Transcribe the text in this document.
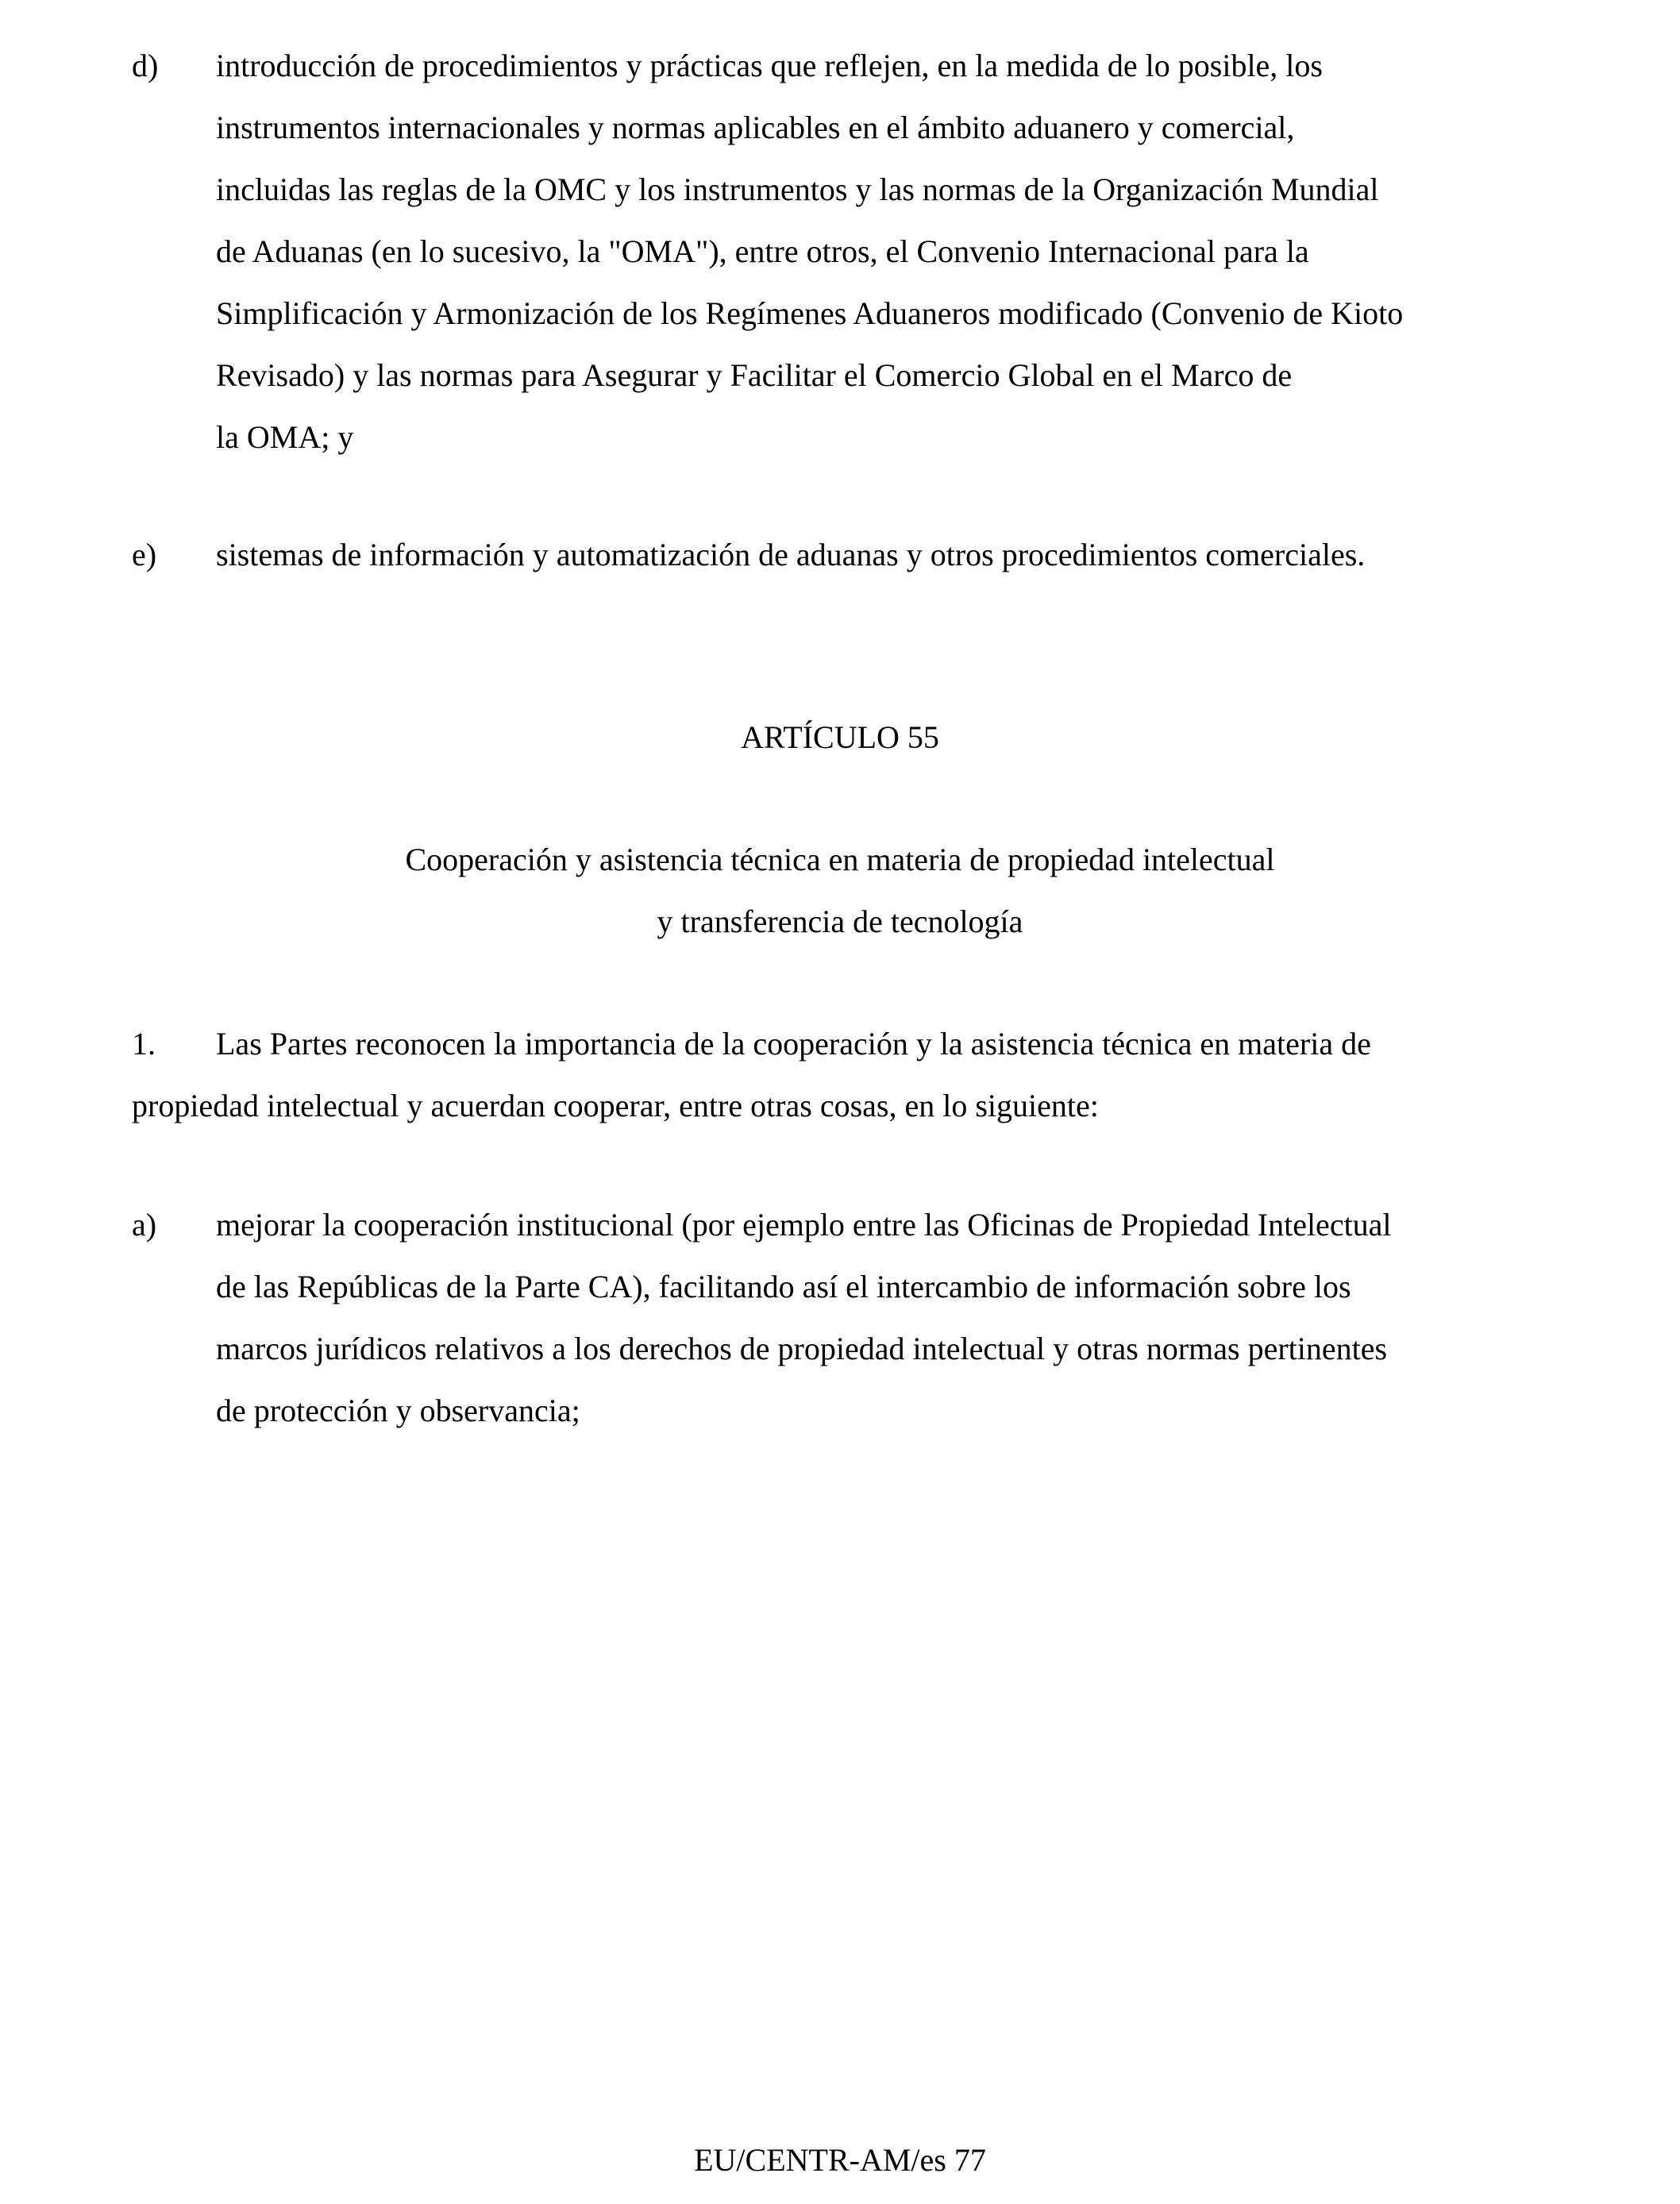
d)	introducción de procedimientos y prácticas que reflejen, en la medida de lo posible, los
instrumentos internacionales y normas aplicables en el ámbito aduanero y comercial,
incluidas las reglas de la OMC y los instrumentos y las normas de la Organización Mundial
de Aduanas (en lo sucesivo, la "OMA"), entre otros, el Convenio Internacional para la
Simplificación y Armonización de los Regímenes Aduaneros modificado (Convenio de Kioto
Revisado) y las normas para Asegurar y Facilitar el Comercio Global en el Marco de
la OMA; y
e)	sistemas de información y automatización de aduanas y otros procedimientos comerciales.
ARTÍCULO 55
Cooperación y asistencia técnica en materia de propiedad intelectual
y transferencia de tecnología
1. Las Partes reconocen la importancia de la cooperación y la asistencia técnica en materia de
propiedad intelectual y acuerdan cooperar, entre otras cosas, en lo siguiente:
a)	mejorar la cooperación institucional (por ejemplo entre las Oficinas de Propiedad Intelectual
de las Repúblicas de la Parte CA), facilitando así el intercambio de información sobre los
marcos jurídicos relativos a los derechos de propiedad intelectual y otras normas pertinentes
de protección y observancia;
EU/CENTR-AM/es 77
